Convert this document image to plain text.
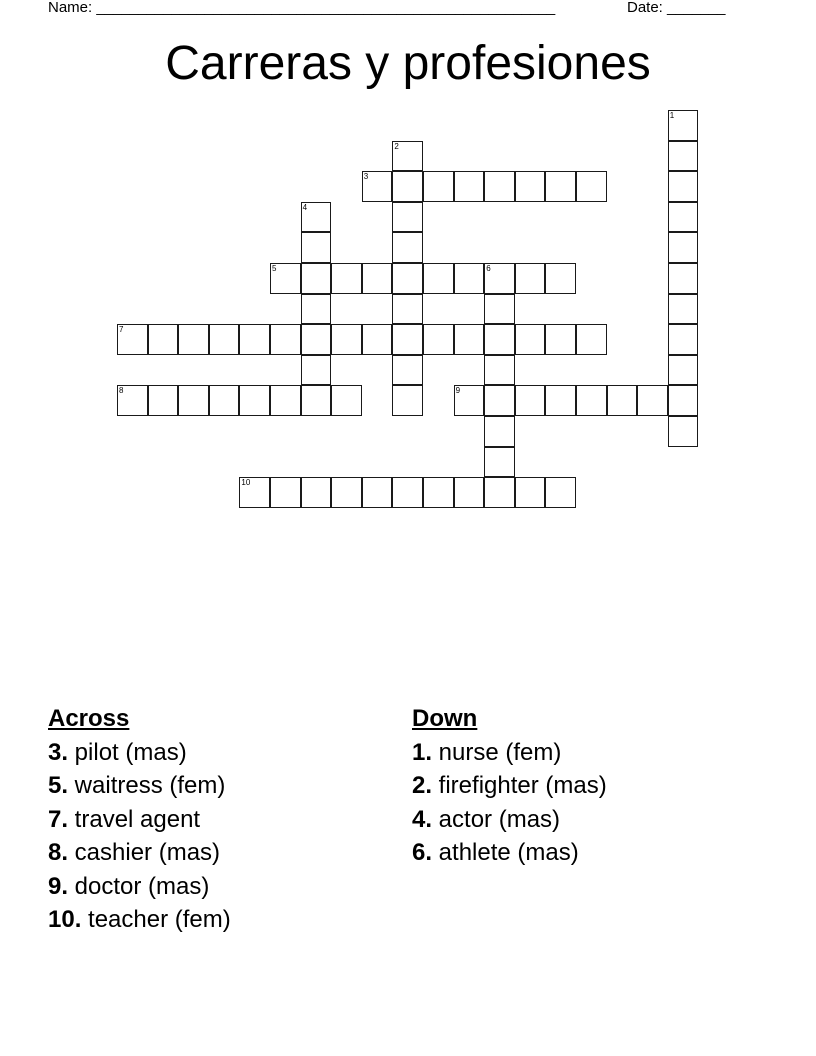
Name: _______________________________________________________	Date: _______
Carreras y profesiones
1
2
3
4
5	6
7
8	9
10
Across
3. pilot (mas)
5. waitress (fem)
7. travel agent
8. cashier (mas)
9. doctor (mas)
10. teacher (fem)
Down
1. nurse (fem)
2. firefighter (mas)
4. actor (mas)
6. athlete (mas)
